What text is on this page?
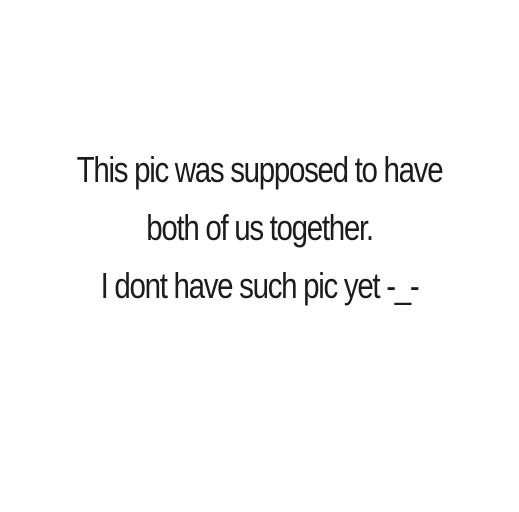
This pic was supposed to have
both of us together.
I dont have such pic yet -_-
